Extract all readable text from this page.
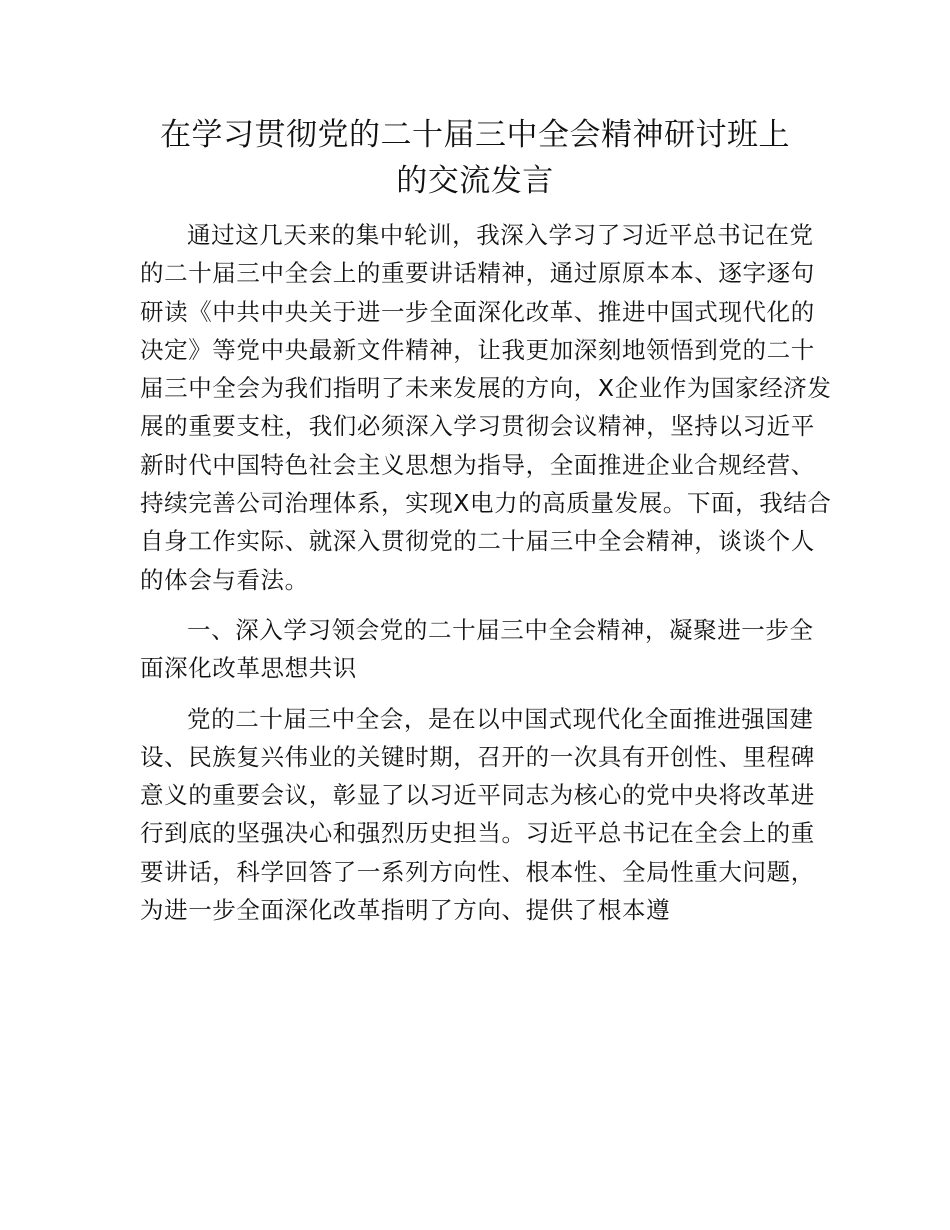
在学习贯彻党的二十届三中全会精神研讨班上
的交流发言

通过这几天来的集中轮训，我深入学习了习近平总书记在党的二十届三中全会上的重要讲话精神，通过原原本本、逐字逐句研读《中共中央关于进一步全面深化改革、推进中国式现代化的决定》等党中央最新文件精神，让我更加深刻地领悟到党的二十届三中全会为我们指明了未来发展的方向，X企业作为国家经济发展的重要支柱，我们必须深入学习贯彻会议精神，坚持以习近平新时代中国特色社会主义思想为指导，全面推进企业合规经营、持续完善公司治理体系，实现X电力的高质量发展。下面，我结合自身工作实际、就深入贯彻党的二十届三中全会精神，谈谈个人的体会与看法。

一、深入学习领会党的二十届三中全会精神，凝聚进一步全面深化改革思想共识

党的二十届三中全会，是在以中国式现代化全面推进强国建设、民族复兴伟业的关键时期，召开的一次具有开创性、里程碑意义的重要会议，彰显了以习近平同志为核心的党中央将改革进行到底的坚强决心和强烈历史担当。习近平总书记在全会上的重要讲话，科学回答了一系列方向性、根本性、全局性重大问题，为进一步全面深化改革指明了方向、提供了根本遵
